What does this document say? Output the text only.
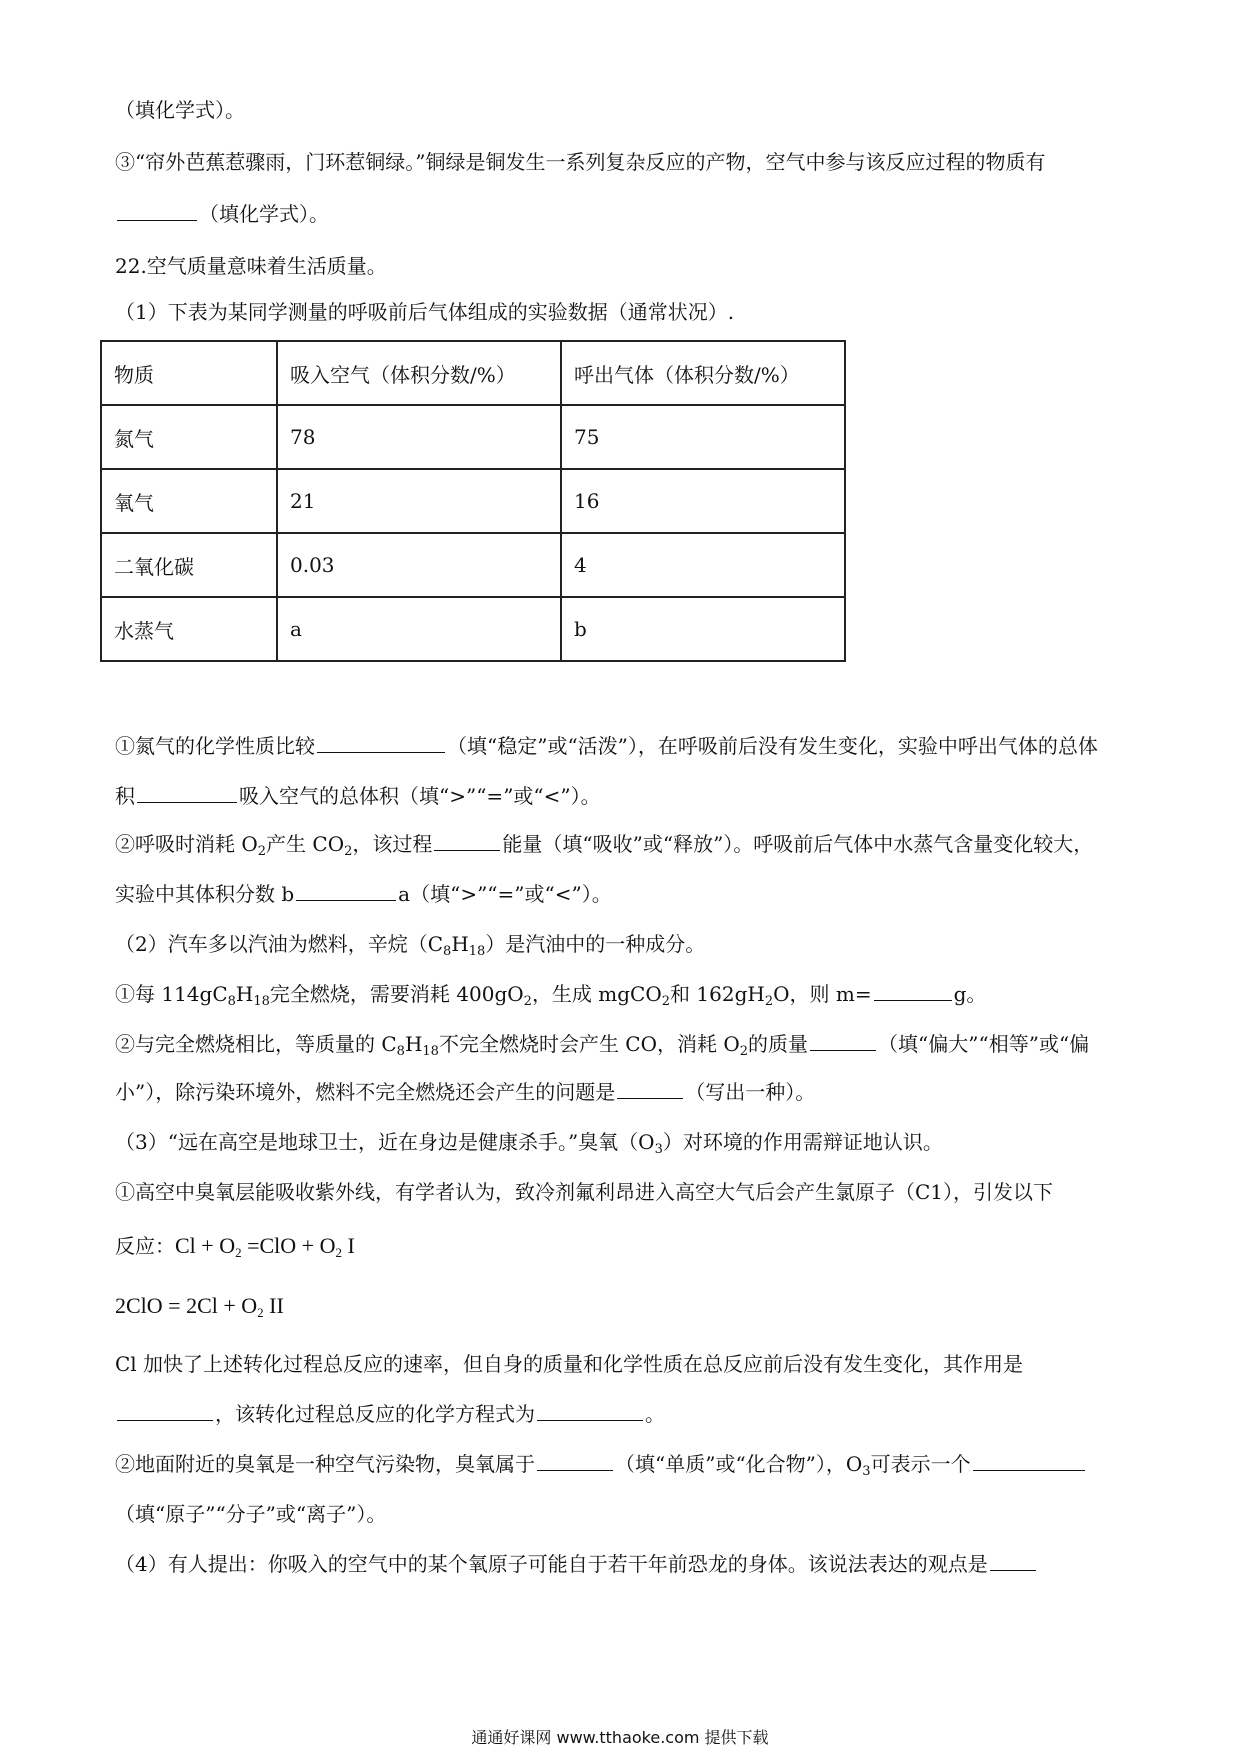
（填化学式）。
③“帘外芭蕉惹骤雨，门环惹铜绿。”铜绿是铜发生一系列复杂反应的产物，空气中参与该反应过程的物质有
（填化学式）。
22.空气质量意味着生活质量。
（1）下表为某同学测量的呼吸前后气体组成的实验数据（通常状况）.
物质	吸入空气（体积分数/%）	呼出气体（体积分数/%）
氮气	78	75
氧气	21	16
二氧化碳	0.03	4
水蒸气	a	b
①氮气的化学性质比较	（填“稳定”或“活泼”），在呼吸前后没有发生变化，实验中呼出气体的总体
积	吸入空气的总体积（填“>”“=”或“<”）。
②呼吸时消耗 $O_2$产生 $CO_2$，该过程	能量（填“吸收”或“释放”）。呼吸前后气体中水蒸气含量变化较大，
实验中其体积分数 b	a（填“>”“=”或“<”）。
（2）汽车多以汽油为燃料，辛烷$(C_8H_{18})$是汽油中的一种成分。
①每 $114gC_8H_{18}$完全燃烧，需要消耗 $400gO_2$，生成 mgCO$_2$和 $162gH_2O$，则 m=	g。
②与完全燃烧相比，等质量的 $C_8H_{18}$不完全燃烧时会产生 CO，消耗 $O_2$的质量	（填“偏大”“相等”或“偏
小”），除污染环境外，燃料不完全燃烧还会产生的问题是	（写出一种）。
（3）“远在高空是地球卫士，近在身边是健康杀手。”臭氧$(O_3)$对环境的作用需辩证地认识。
①高空中臭氧层能吸收紫外线，有学者认为，致冷剂氟利昂进入高空大气后会产生氯原子（C1），引发以下
反应：$Cl + O_2 =ClO + O_2$ I
$2ClO = 2Cl + O_2$ II
Cl 加快了上述转化过程总反应的速率，但自身的质量和化学性质在总反应前后没有发生变化，其作用是
，该转化过程总反应的化学方程式为	。
②地面附近的臭氧是一种空气污染物，臭氧属于	（填“单质”或“化合物”），$O_3$可表示一个
（填“原子”“分子”或“离子”）。
（4）有人提出：你吸入的空气中的某个氧原子可能自于若干年前恐龙的身体。该说法表达的观点是
通通好课网 www.tthaoke.com 提供下载
